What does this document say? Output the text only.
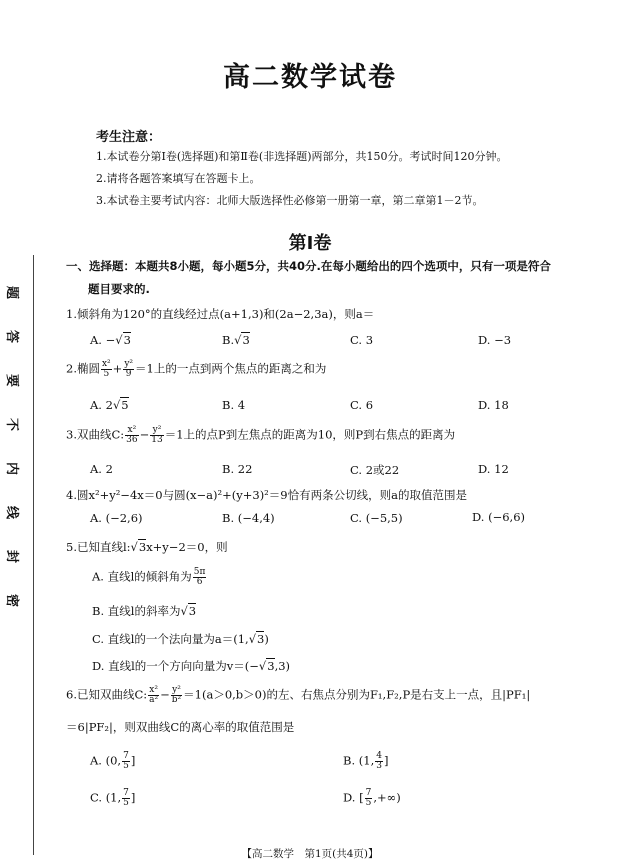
高二数学试卷
考生注意：
1.本试卷分第Ⅰ卷(选择题)和第Ⅱ卷(非选择题)两部分，共150分。考试时间120分钟。
2.请将各题答案填写在答题卡上。
3.本试卷主要考试内容：北师大版选择性必修第一册第一章，第二章第1－2节。
第Ⅰ卷
一、选择题：本题共8小题，每小题5分，共40分.在每小题给出的四个选项中，只有一项是符合
题目要求的.
题
答
要
不
内
线
封
密
1.倾斜角为120°的直线经过点(a+1,3)和(2a−2,3a)，则a＝
A. −√3	B.√3	C. 3	D. −3
2.椭圆 $\frac{\text{x²}}{5} + \frac{\text{y²}}{9} =1$上的一点到两个焦点的距离之和为
A. 2√5	B. 4	C. 6	D. 18
3.双曲线C: $\frac{\text{x²}}{36} - \frac{\text{y²}}{13} =1$上的点P到左焦点的距离为10，则P到右焦点的距离为
A. 2	B. 22	C. 2或22	D. 12
4.圆x²+y²−4x＝0与圆(x−a)²+(y+3)²＝9恰有两条公切线，则a的取值范围是
A. (−2,6)	B. (−4,4)	C. (−5,5)	D. (−6,6)
5.已知直线l:√3x+y−2＝0，则
A. 直线l的倾斜角为 $\frac{5\pi}{6}$
B. 直线l的斜率为√3
C. 直线l的一个法向量为a＝(1,√3)
D. 直线l的一个方向向量为v＝(−√3,3)
6.已知双曲线C: $\frac{\text{x²}}{\text{a²}} - \frac{\text{y²}}{\text{b²}} =1(a>0,b>0)$的左、右焦点分别为F₁,F₂,P是右支上一点，且|PF₁|
＝6|PF₂|，则双曲线C的离心率的取值范围是
A. (0, $\frac{7}{5}$ ]	B. (1, $\frac{4}{3}$ ]
C. (1, $\frac{7}{5}$ ]	D. [ $\frac{7}{5}$ ,+∞)
【高二数学　第1页(共4页)】
